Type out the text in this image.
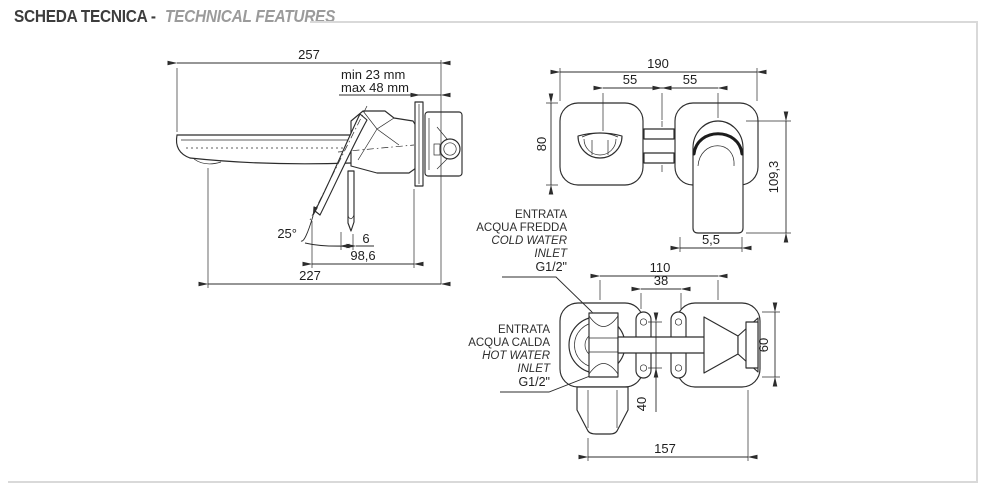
SCHEDA TECNICA - TECHNICAL FEATURES
257
min 23 mm
max 48 mm
25°	6
98,6
227
190
55	55
80
109,3
5,5
ENTRATA
ACQUA FREDDA
COLD WATER
INLET
G1/2"
ENTRATA
ACQUA CALDA
HOT WATER
INLET
G1/2"
110
38
60
40
157
